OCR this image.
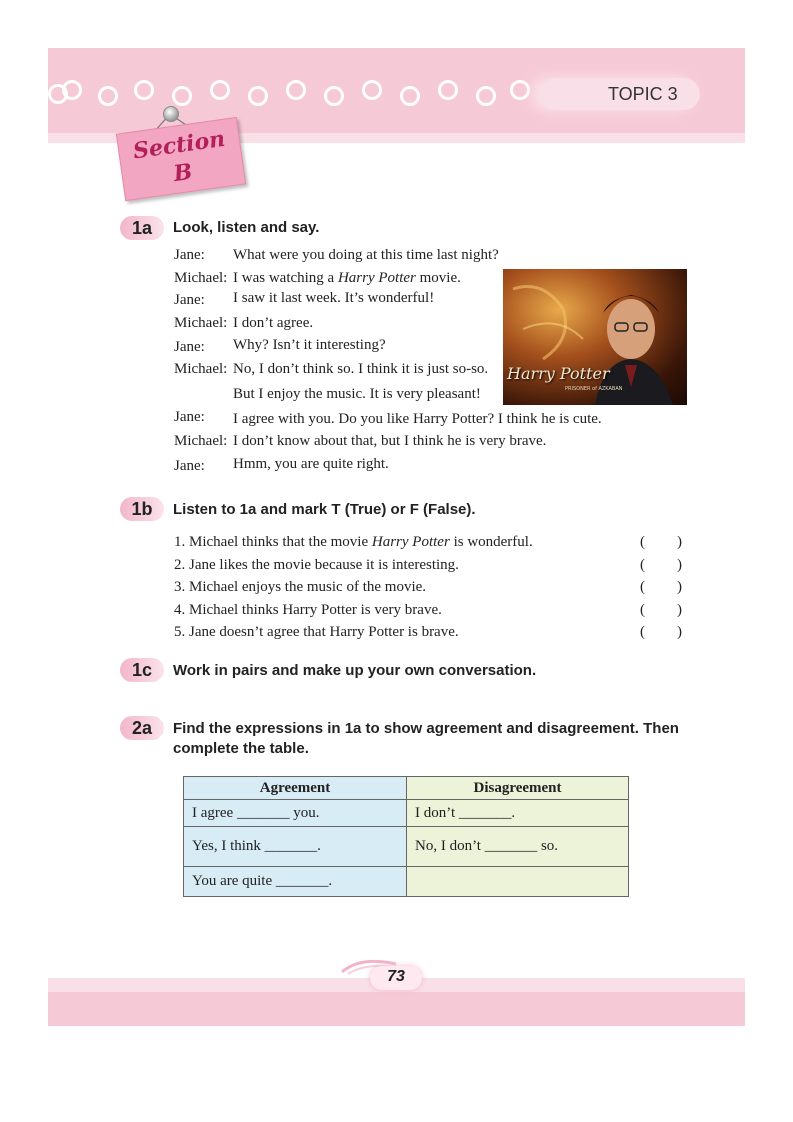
TOPIC 3
Section
B
1a	Look, listen and say.
Jane: What were you doing at this time last night?
Michael: I was watching a Harry Potter movie.
Jane: I saw it last week. It’s wonderful!
Michael: I don’t agree.
Jane: Why? Isn’t it interesting?
Michael: No, I don’t think so. I think it is just so-so.
But I enjoy the music. It is very pleasant!
Jane: I agree with you. Do you like Harry Potter? I think he is cute.
Michael: I don’t know about that, but I think he is very brave.
Jane: Hmm, you are quite right.
Harry Potter
PRISONER of AZKABAN
1b	Listen to 1a and mark T (True) or F (False).
1. Michael thinks that the movie Harry Potter is wonderful.	( )
2. Jane likes the movie because it is interesting.	( )
3. Michael enjoys the music of the movie.	( )
4. Michael thinks Harry Potter is very brave.	( )
5. Jane doesn’t agree that Harry Potter is brave.	( )
1c	Work in pairs and make up your own conversation.
2a	Find the expressions in 1a to show agreement and disagreement. Then
complete the table.
Agreement	Disagreement
I agree _______ you.	I don’t _______.
Yes, I think _______.	No, I don’t _______ so.
You are quite _______.	
73
